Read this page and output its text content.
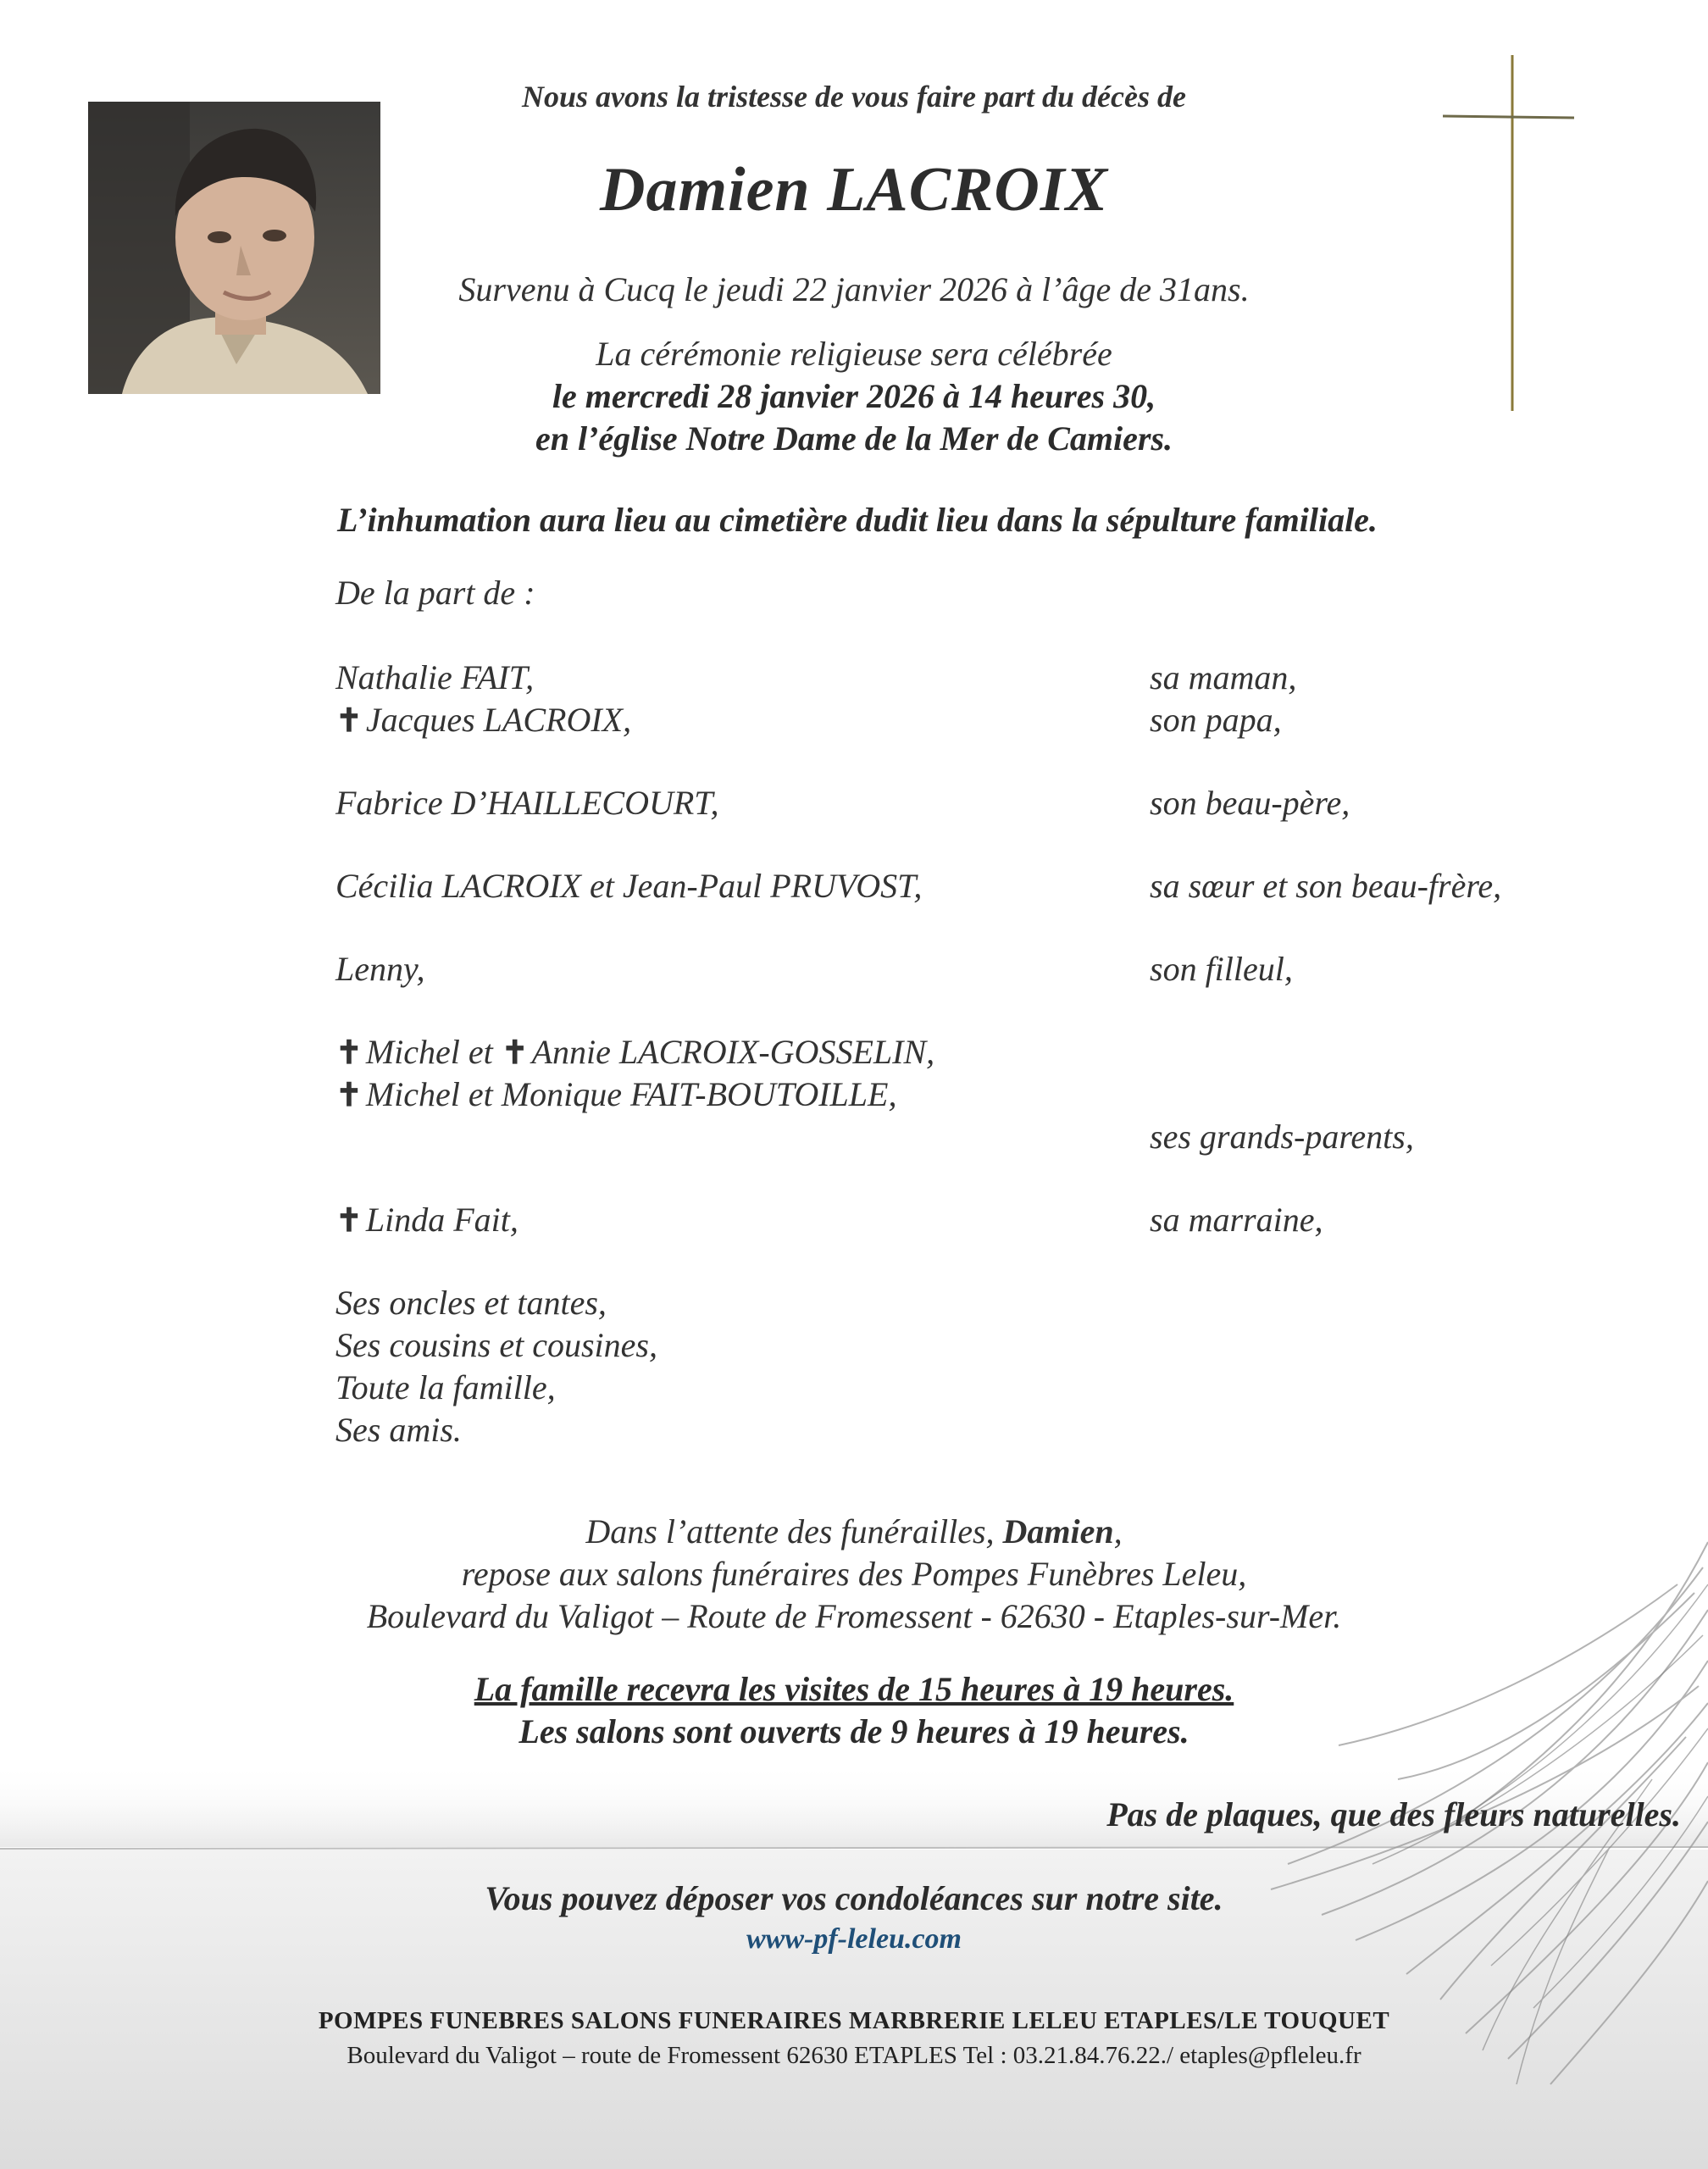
Nous avons la tristesse de vous faire part du décès de
Damien LACROIX
Survenu à Cucq le jeudi 22 janvier 2026 à l’âge de 31ans.
La cérémonie religieuse sera célébrée
le mercredi 28 janvier 2026 à 14 heures 30,
en l’église Notre Dame de la Mer de Camiers.
L’inhumation aura lieu au cimetière dudit lieu dans la sépulture familiale.
De la part de :
Nathalie FAIT,	sa maman,
✝ Jacques LACROIX,	son papa,
Fabrice D’HAILLECOURT,	son beau-père,
Cécilia LACROIX et Jean-Paul PRUVOST,	sa sœur et son beau-frère,
Lenny,	son filleul,
✝ Michel et ✝ Annie LACROIX-GOSSELIN,
✝ Michel et Monique FAIT-BOUTOILLE,
ses grands-parents,
✝ Linda Fait,	sa marraine,
Ses oncles et tantes,
Ses cousins et cousines,
Toute la famille,
Ses amis.
Dans l’attente des funérailles, Damien,
repose aux salons funéraires des Pompes Funèbres Leleu,
Boulevard du Valigot – Route de Fromessent - 62630 - Etaples-sur-Mer.
La famille recevra les visites de 15 heures à 19 heures.
Les salons sont ouverts de 9 heures à 19 heures.
Pas de plaques, que des fleurs naturelles.
Vous pouvez déposer vos condoléances sur notre site.
www-pf-leleu.com
POMPES FUNEBRES SALONS FUNERAIRES MARBRERIE LELEU ETAPLES/LE TOUQUET
Boulevard du Valigot – route de Fromessent 62630 ETAPLES Tel : 03.21.84.76.22./ etaples@pfleleu.fr
